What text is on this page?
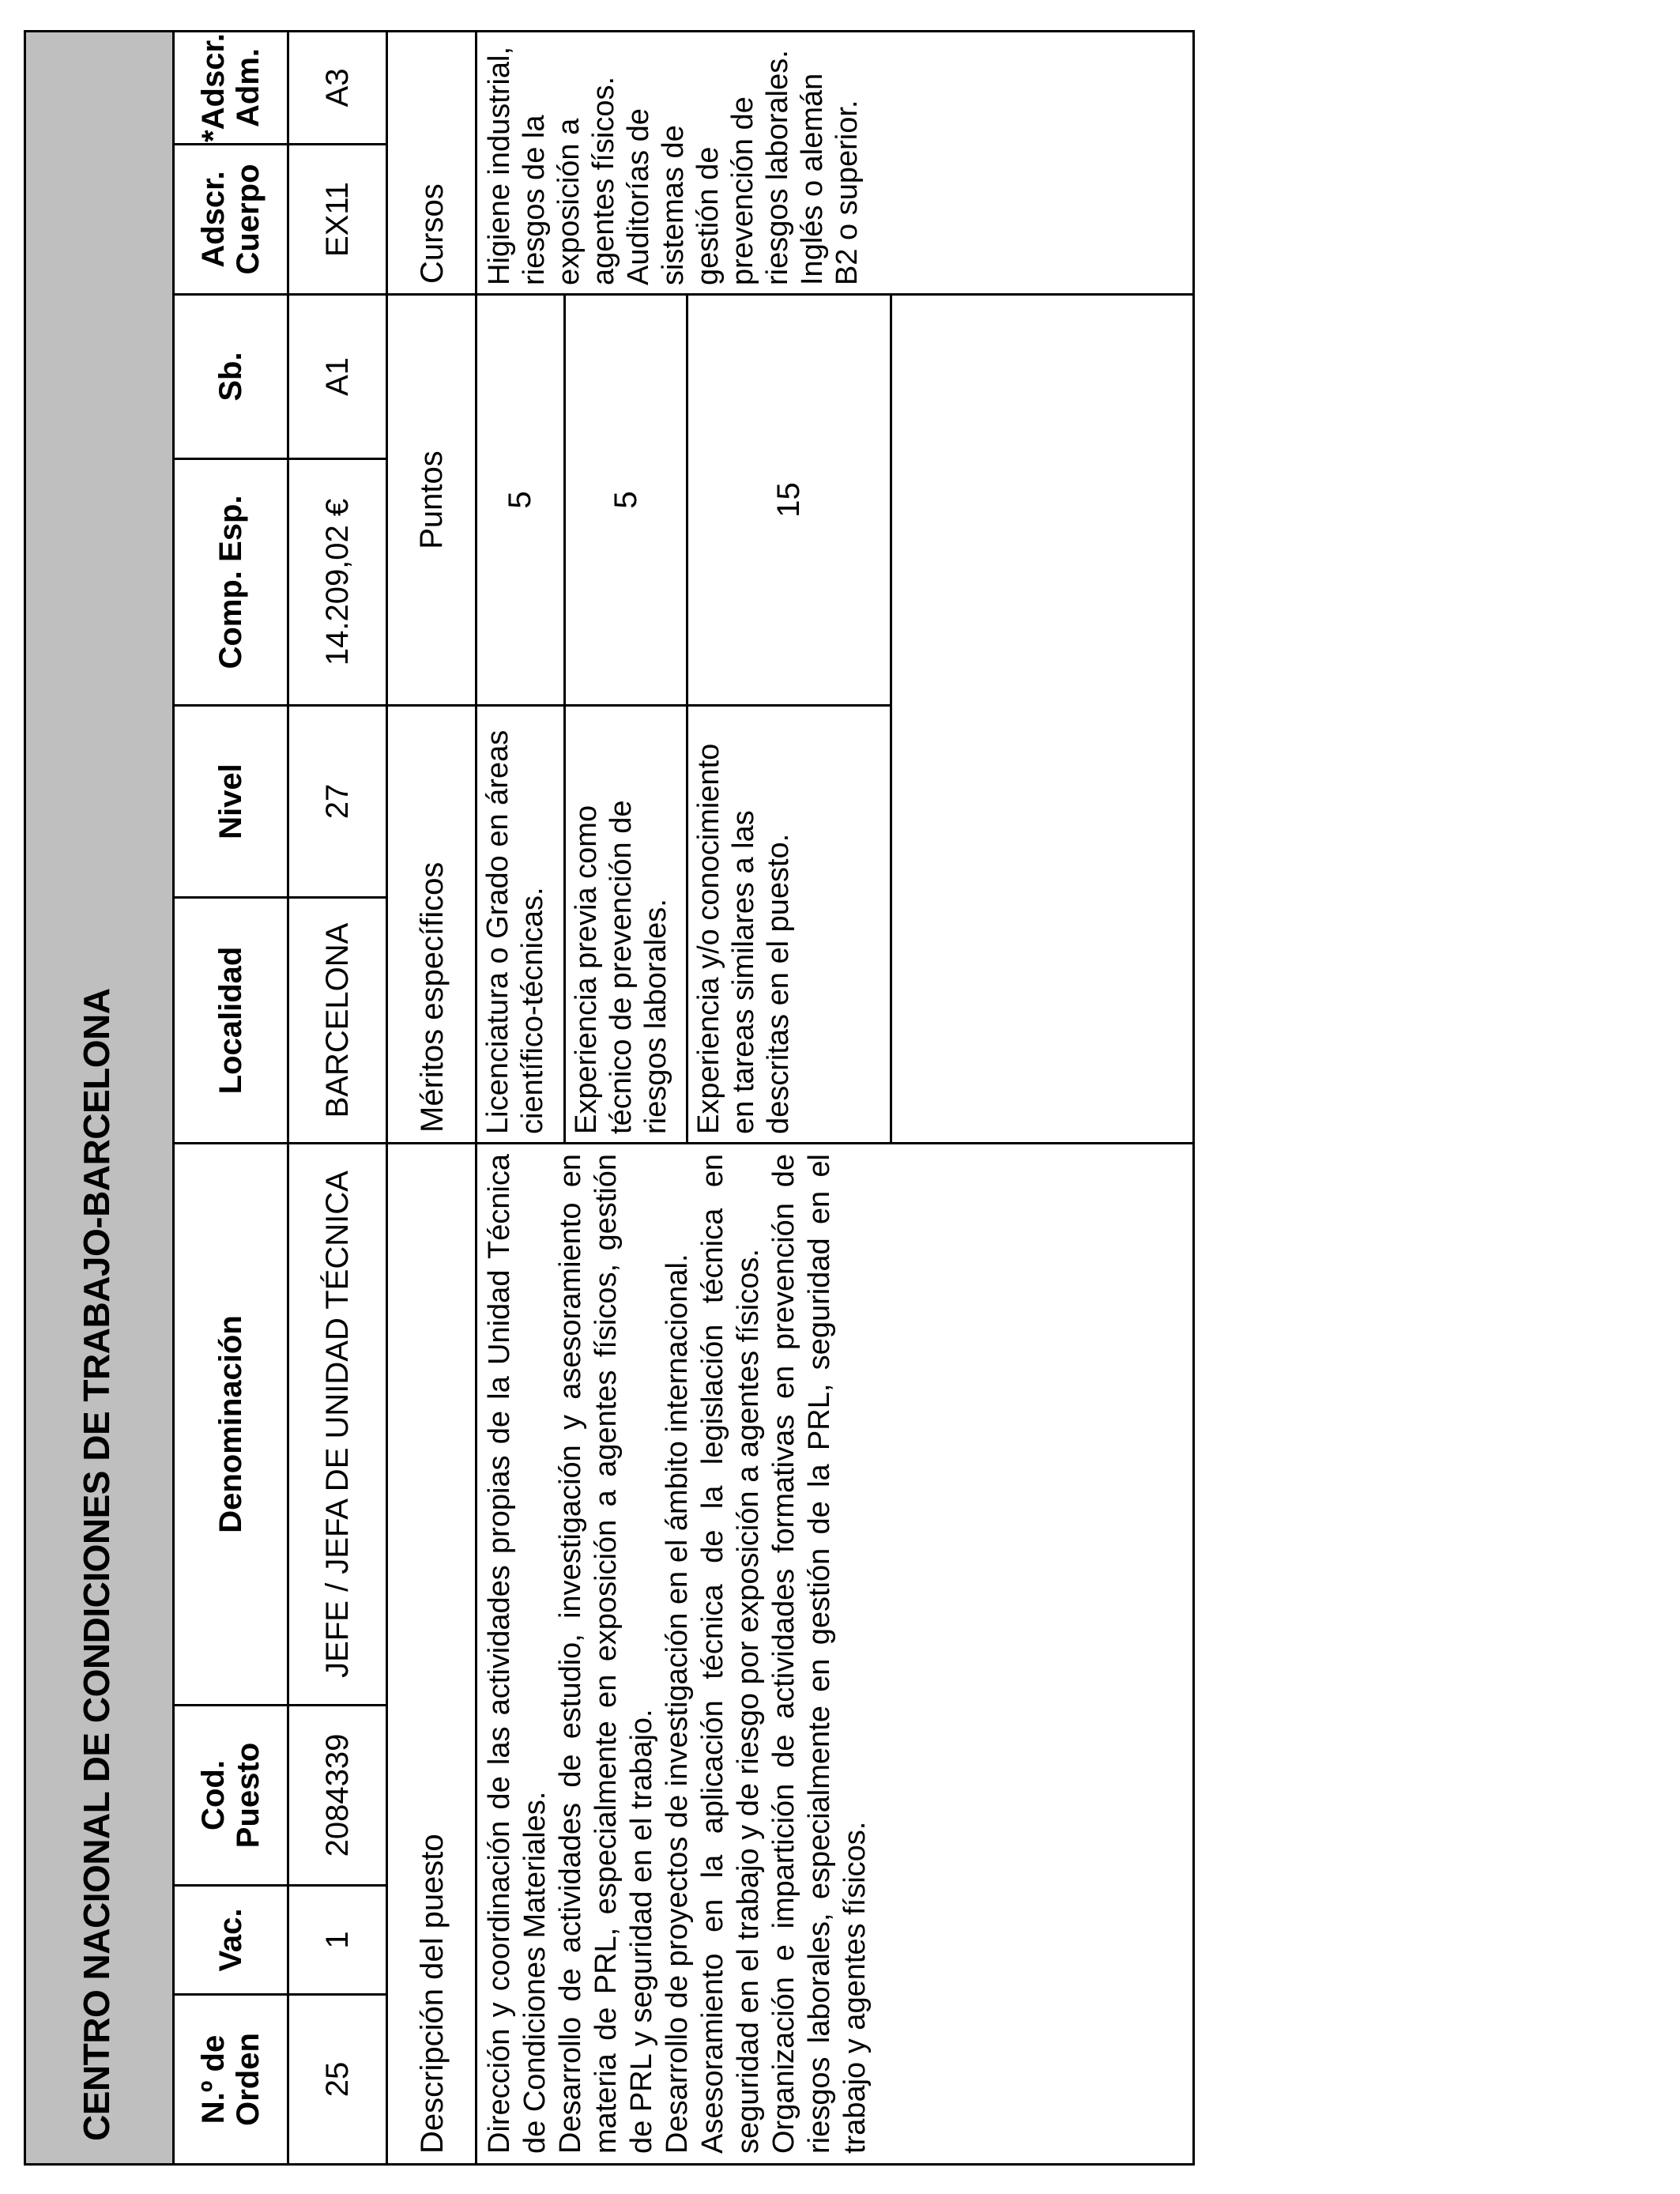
CENTRO NACIONAL DE CONDICIONES DE TRABAJO-BARCELONA	N.º de Orden
Vac.
Cod. Puesto
Denominación
Localidad
Nivel
Comp. Esp.
Sb.
Adscr. Cuerpo
*Adscr. Adm.
25
1
2084339
JEFE / JEFA DE UNIDAD TÉCNICA
BARCELONA
27
14.209,02 €
A1
EX11
A3
Descripción del puesto
Méritos específicos
Puntos
Cursos

Dirección y coordinación de las actividades propias de la Unidad Técnica de Condiciones Materiales. Desarrollo de actividades de estudio, investigación y asesoramiento en materia de PRL, especialmente en exposición a agentes físicos, gestión de PRL y seguridad en el trabajo. Desarrollo de proyectos de investigación en el ámbito internacional. Asesoramiento en la aplicación técnica de la legislación técnica en seguridad en el trabajo y de riesgo por exposición a agentes físicos. Organización e impartición de actividades formativas en prevención de riesgos laborales, especialmente en gestión de la PRL, seguridad en el trabajo y agentes físicos.

Licenciatura o Grado en áreas científico-técnicas.
5
Experiencia previa como técnico de prevención de riesgos laborales.
5
Experiencia y/o conocimiento en tareas similares a las descritas en el puesto.
15

Higiene industrial, riesgos de la exposición a agentes físicos. Auditorías de sistemas de gestión de prevención de riesgos laborales. Inglés o alemán B2 o superior.
